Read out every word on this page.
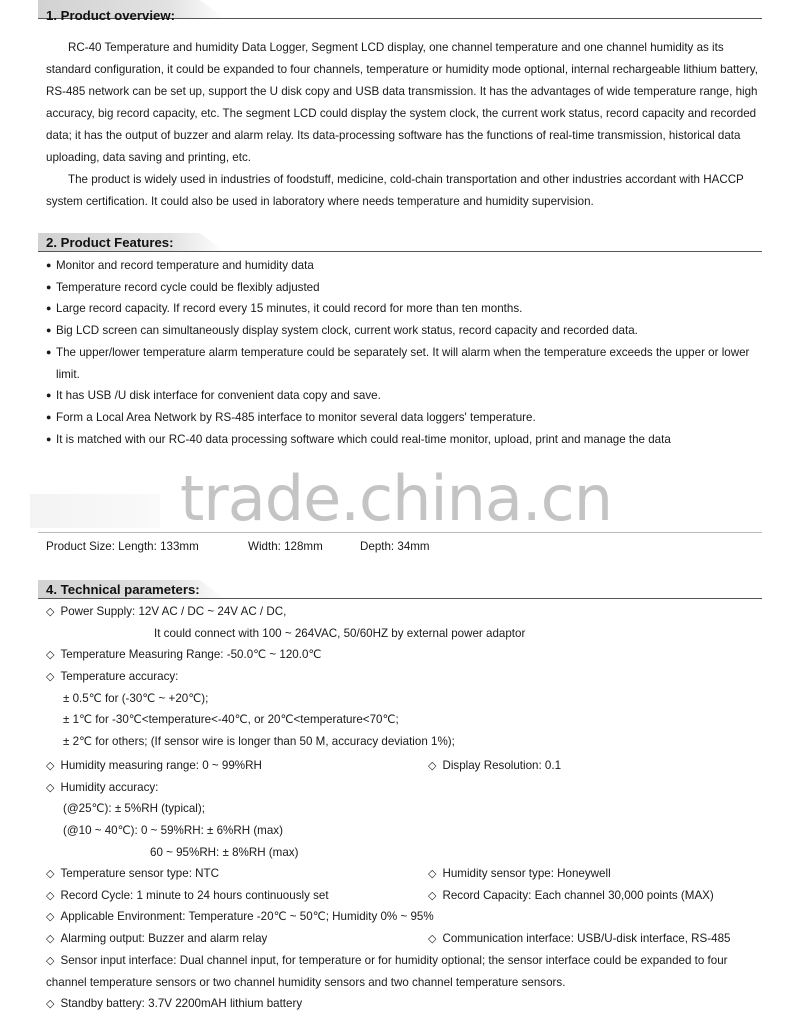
1. Product overview:

RC-40 Temperature and humidity Data Logger, Segment LCD display, one channel temperature and one channel humidity as its standard configuration, it could be expanded to four channels, temperature or humidity mode optional, internal rechargeable lithium battery, RS-485 network can be set up, support the U disk copy and USB data transmission. It has the advantages of wide temperature range, high accuracy, big record capacity, etc. The segment LCD could display the system clock, the current work status, record capacity and recorded data; it has the output of buzzer and alarm relay. Its data-processing software has the functions of real-time transmission, historical data uploading, data saving and printing, etc.

The product is widely used in industries of foodstuff, medicine, cold-chain transportation and other industries accordant with HACCP system certification. It could also be used in laboratory where needs temperature and humidity supervision.

2. Product Features:
● Monitor and record temperature and humidity data
● Temperature record cycle could be flexibly adjusted
● Large record capacity. If record every 15 minutes, it could record for more than ten months.
● Big LCD screen can simultaneously display system clock, current work status, record capacity and recorded data.
● The upper/lower temperature alarm temperature could be separately set. It will alarm when the temperature exceeds the upper or lower limit.
● It has USB /U disk interface for convenient data copy and save.
● Form a Local Area Network by RS-485 interface to monitor several data loggers' temperature.
● It is matched with our RC-40 data processing software which could real-time monitor, upload, print and manage the data
trade.china.cn
Product Size: Length: 133mm	Width: 128mm	Depth: 34mm
4. Technical parameters:
◇ Power Supply: 12V AC / DC ~ 24V AC / DC,
It could connect with 100 ~ 264VAC, 50/60HZ by external power adaptor
◇ Temperature Measuring Range: -50.0℃ ~ 120.0℃
◇ Temperature accuracy:
± 0.5℃ for (-30℃ ~ +20℃);
± 1℃ for -30℃<temperature<-40℃, or 20℃<temperature<70℃;
± 2℃ for others; (If sensor wire is longer than 50 M, accuracy deviation 1%);
◇ Humidity measuring range: 0 ~ 99%RH	◇ Display Resolution: 0.1
◇ Humidity accuracy:
(@25℃): ± 5%RH (typical);
(@10 ~ 40℃): 0 ~ 59%RH: ± 6%RH (max)
60 ~ 95%RH: ± 8%RH (max)
◇ Temperature sensor type: NTC	◇ Humidity sensor type: Honeywell
◇ Record Cycle: 1 minute to 24 hours continuously set	◇ Record Capacity: Each channel 30,000 points (MAX)
◇ Applicable Environment: Temperature -20℃ ~ 50℃; Humidity 0% ~ 95%
◇ Alarming output: Buzzer and alarm relay	◇ Communication interface: USB/U-disk interface, RS-485

◇ Sensor input interface: Dual channel input, for temperature or for humidity optional; the sensor interface could be expanded to four channel temperature sensors or two channel humidity sensors and two channel temperature sensors.

◇ Standby battery: 3.7V 2200mAH lithium battery
